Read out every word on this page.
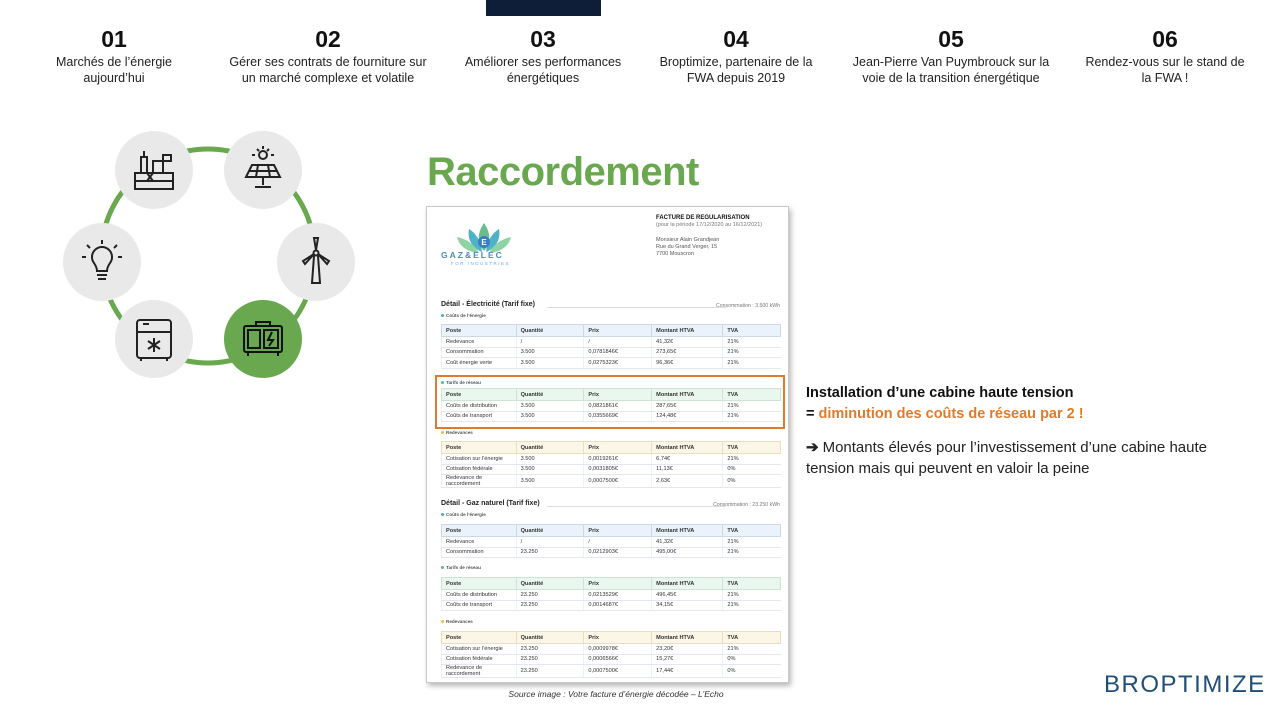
01
Marchés de l’énergie
aujourd’hui
02
Gérer ses contrats de fourniture sur
un marché complexe et volatile
03
Améliorer ses performances
énergétiques
04
Broptimize, partenaire de la
FWA depuis 2019
05
Jean-Pierre Van Puymbrouck sur la
voie de la transition énergétique
06
Rendez-vous sur le stand de
la FWA !
Raccordement
E
GAZ&ELEC
FOR INDUSTRIES
FACTURE DE REGULARISATION
(pour la période 17/12/2020 au 16/12/2021)
Monsieur Alain Grandjean
Rue du Grand Verger, 15
7700 Mouscron
Détail - Électricité (Tarif fixe)	Consommation : 3.500 kWh
Coûts de l’énergie
Poste	Quantité	Prix	Montant HTVA	TVA
Redevance	/	/	41,32€	21%
Consommation	3.500	0,0781846€	273,65€	21%
Coût énergie verte	3.500	0,0275323€	96,36€	21%
Tarifs de réseau
Poste	Quantité	Prix	Montant HTVA	TVA
Coûts de distribution	3.500	0,0821861€	287,65€	21%
Coûts de transport	3.500	0,0355669€	124,48€	21%
Redevances
Poste	Quantité	Prix	Montant HTVA	TVA
Cotisation sur l’énergie	3.500	0,0019261€	6,74€	21%
Cotisation fédérale	3.500	0,0031805€	11,13€	0%
Redevance de raccordement	3.500	0,0007500€	2,63€	0%
Détail - Gaz naturel (Tarif fixe)	Consommation : 23.250 kWh
Coûts de l’énergie
Poste	Quantité	Prix	Montant HTVA	TVA
Redevance	/	/	41,32€	21%
Consommation	23.250	0,0212903€	495,00€	21%
Tarifs de réseau
Poste	Quantité	Prix	Montant HTVA	TVA
Coûts de distribution	23.250	0,0213529€	496,45€	21%
Coûts de transport	23.250	0,0014687€	34,15€	21%
Redevances
Poste	Quantité	Prix	Montant HTVA	TVA
Cotisation sur l’énergie	23.250	0,0009978€	23,20€	21%
Cotisation fédérale	23.250	0,0006566€	15,27€	0%
Redevance de raccordement	23.250	0,0007500€	17,44€	0%
Source image : Votre facture d’énergie décodée – L’Echo
Installation d’une cabine haute tension
= diminution des coûts de réseau par 2 !
➔ Montants élevés pour l’investissement d’une cabine haute tension mais qui peuvent en valoir la peine
BROPTIMIZE
